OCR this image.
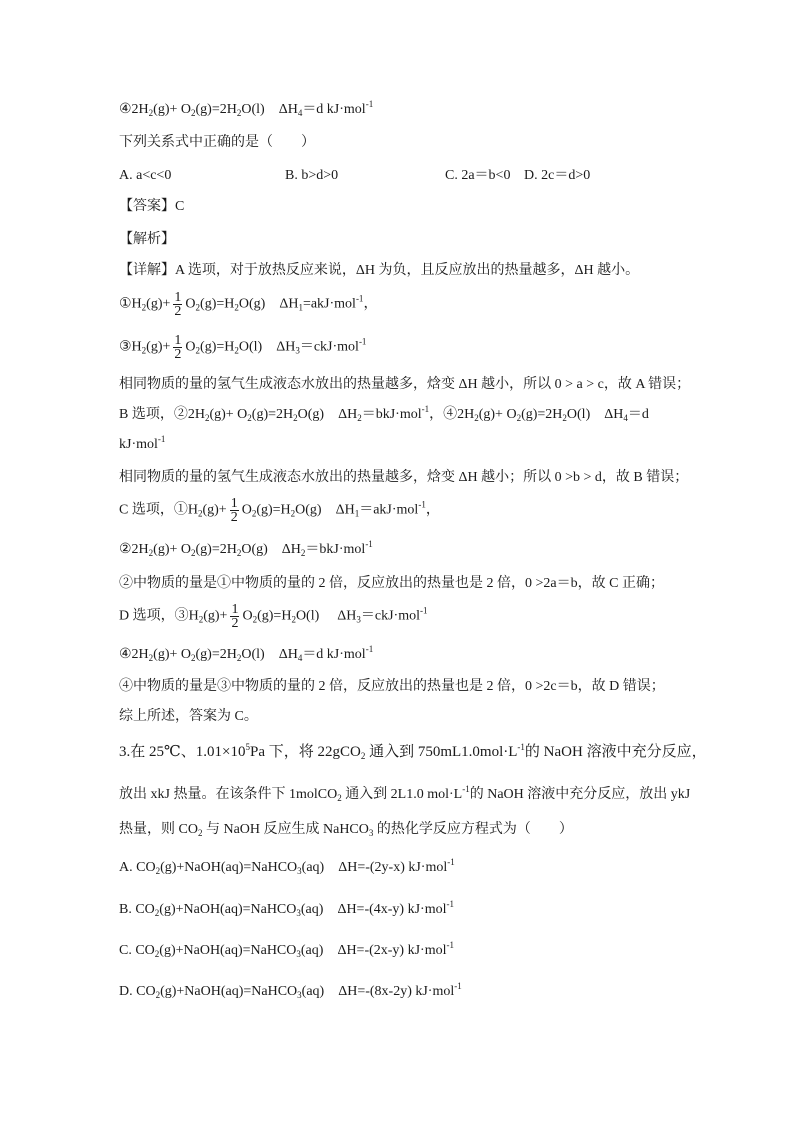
$④2H_2(g)+ O_2(g)=2H_2O(l)$ $\Delta H_4=d$ kJ·mol$^{-1}$
下列关系式中正确的是（　　）
A. a<c<0	B. b>d>0	C. 2a＝b<0 D. 2c＝d>0
【答案】C
【解析】
【详解】A 选项，对于放热反应来说，ΔH 为负，且反应放出的热量越多，ΔH 越小。
$①H_2(g)+ \frac{1}{2} O_2(g)=H_2O(g)$ $\Delta H_1=akJ\cdot mol^{-1}$，
$③H_2(g)+ \frac{1}{2} O_2(g)=H_2O(l)$ $\Delta H_3=ckJ\cdot mol^{-1}$
相同物质的量的氢气生成液态水放出的热量越多，焓变 ΔH 越小，所以 0 > a > c，故 A 错误；
B 选项，$②2H_2(g)+ O_2(g)=2H_2O(g)$ $\Delta H_2=bkJ\cdot mol^{-1}$，$④2H_2(g)+ O_2(g)=2H_2O(l)$ $\Delta H_4=d$
kJ·mol$^{-1}$
相同物质的量的氢气生成液态水放出的热量越多，焓变 ΔH 越小；所以 0 >b > d，故 B 错误；
C 选项，$①H_2(g)+ \frac{1}{2} O_2(g)=H_2O(g)$ $\Delta H_1=akJ\cdot mol^{-1}$，
$②2H_2(g)+ O_2(g)=2H_2O(g)$ $\Delta H_2=bkJ\cdot mol^{-1}$
②中物质的量是①中物质的量的 2 倍，反应放出的热量也是 2 倍，0 >2a＝b，故 C 正确；
D 选项，$③H_2(g)+ \frac{1}{2} O_2(g)=H_2O(l)$ $\Delta H_3=ckJ\cdot mol^{-1}$
$④2H_2(g)+ O_2(g)=2H_2O(l)$ $\Delta H_4=d$ kJ·mol$^{-1}$
④中物质的量是③中物质的量的 2 倍，反应放出的热量也是 2 倍，0 >2c＝b，故 D 错误；
综上所述，答案为 C。
3.在 25℃、$1.01\times 10^5Pa$ 下，将 22gCO$_2$ 通入到 $750mL1.0mol\cdot L^{-1}$的 NaOH 溶液中充分反应，
放出 xkJ 热量。在该条件下 1molCO$_2$ 通入到 2L1.0 $mol\cdot L^{-1}$的 NaOH 溶液中充分反应，放出 ykJ
热量，则 $CO_2$ 与 NaOH 反应生成 NaHCO$_3$ 的热化学反应方程式为（　　）
A. $CO_2(g)+NaOH(aq)=NaHCO_3(aq)$ ΔH=-(2y-x) kJ·mol$^{-1}$
B. $CO_2(g)+NaOH(aq)=NaHCO_3(aq)$ ΔH=-(4x-y) kJ·mol$^{-1}$
C. $CO_2(g)+NaOH(aq)=NaHCO_3(aq)$ ΔH=-(2x-y) kJ·mol$^{-1}$
D. $CO_2(g)+NaOH(aq)=NaHCO_3(aq)$ ΔH=-(8x-2y) kJ·mol$^{-1}$
